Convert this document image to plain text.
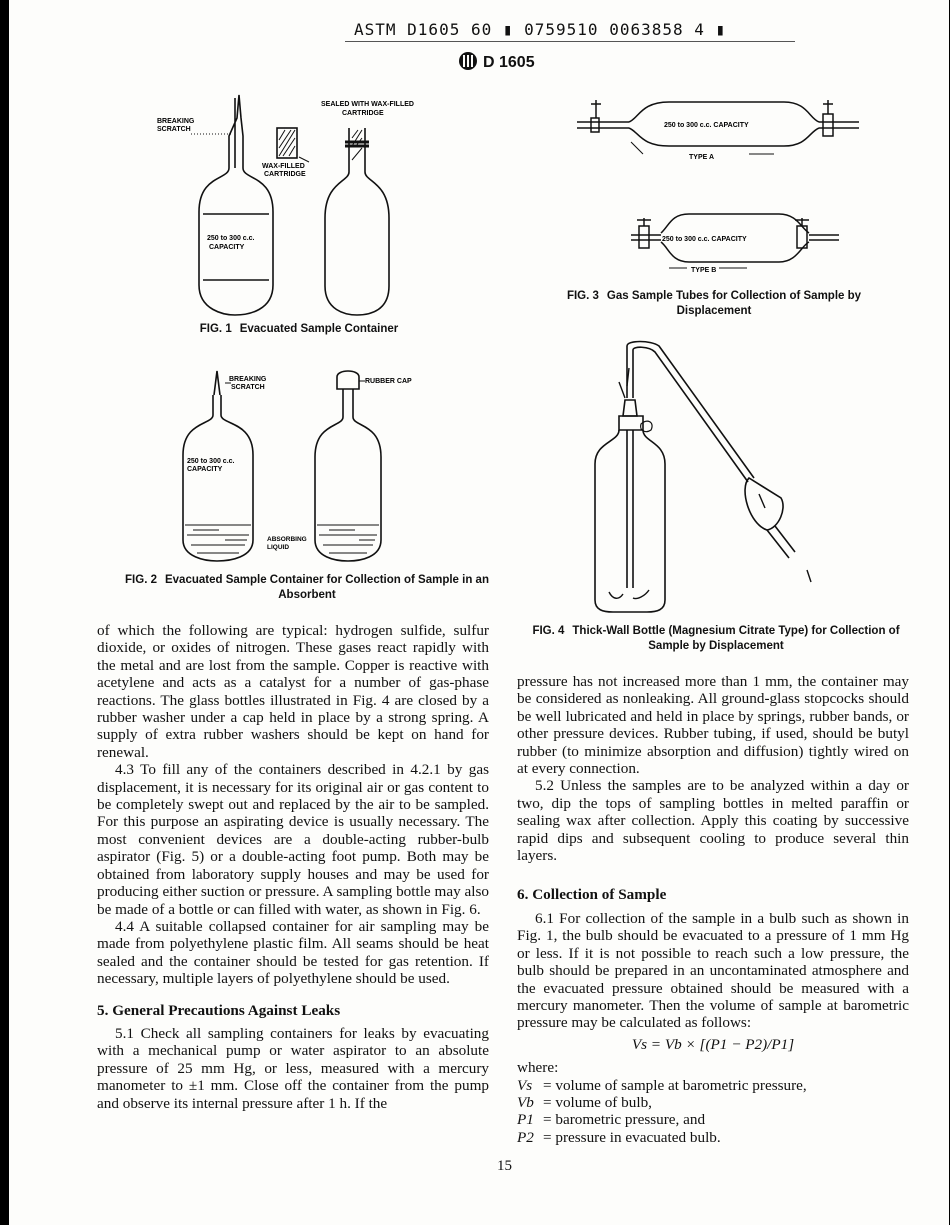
ASTM D1605 60 ▮ 0759510 0063858 4 ▮
D 1605
BREAKING
SCRATCH
SEALED WITH WAX-FILLED
CARTRIDGE
WAX-FILLED
CARTRIDGE
250 to 300 c.c.
CAPACITY
FIG. 1 Evacuated Sample Container
BREAKING
SCRATCH
RUBBER CAP
250 to 300 c.c.
CAPACITY
ABSORBING
LIQUID
FIG. 2 Evacuated Sample Container for Collection of Sample in an Absorbent
250 to 300 c.c. CAPACITY
TYPE A
250 to 300 c.c. CAPACITY
TYPE B
FIG. 3 Gas Sample Tubes for Collection of Sample by Displacement
FIG. 4 Thick-Wall Bottle (Magnesium Citrate Type) for Collection of Sample by Displacement

of which the following are typical: hydrogen sulfide, sulfur dioxide, or oxides of nitrogen. These gases react rapidly with the metal and are lost from the sample. Copper is reactive with acetylene and acts as a catalyst for a number of gas-phase reactions. The glass bottles illustrated in Fig. 4 are closed by a rubber washer under a cap held in place by a strong spring. A supply of extra rubber washers should be kept on hand for renewal.

4.3 To fill any of the containers described in 4.2.1 by gas displacement, it is necessary for its original air or gas content to be completely swept out and replaced by the air to be sampled. For this purpose an aspirating device is usually necessary. The most convenient devices are a double-acting rubber-bulb aspirator (Fig. 5) or a double-acting foot pump. Both may be obtained from laboratory supply houses and may be used for producing either suction or pressure. A sampling bottle may also be made of a bottle or can filled with water, as shown in Fig. 6.

4.4 A suitable collapsed container for air sampling may be made from polyethylene plastic film. All seams should be heat sealed and the container should be tested for gas retention. If necessary, multiple layers of polyethylene should be used.

5. General Precautions Against Leaks

5.1 Check all sampling containers for leaks by evacuating with a mechanical pump or water aspirator to an absolute pressure of 25 mm Hg, or less, measured with a mercury manometer to ±1 mm. Close off the container from the pump and observe its internal pressure after 1 h. If the

pressure has not increased more than 1 mm, the container may be considered as nonleaking. All ground-glass stopcocks should be well lubricated and held in place by springs, rubber bands, or other pressure devices. Rubber tubing, if used, should be butyl rubber (to minimize absorption and diffusion) tightly wired on at every connection.

5.2 Unless the samples are to be analyzed within a day or two, dip the tops of sampling bottles in melted paraffin or sealing wax after collection. Apply this coating by successive rapid dips and subsequent cooling to produce several thin layers.

6. Collection of Sample

6.1 For collection of the sample in a bulb such as shown in Fig. 1, the bulb should be evacuated to a pressure of 1 mm Hg or less. If it is not possible to reach such a low pressure, the bulb should be prepared in an uncontaminated atmosphere and the evacuated pressure obtained should be measured with a mercury manometer. Then the volume of sample at barometric pressure may be calculated as follows:

Vs = Vb × [(P1 − P2)/P1]

where:

Vs = volume of sample at barometric pressure,
Vb = volume of bulb,
P1 = barometric pressure, and
P2 = pressure in evacuated bulb.
15
